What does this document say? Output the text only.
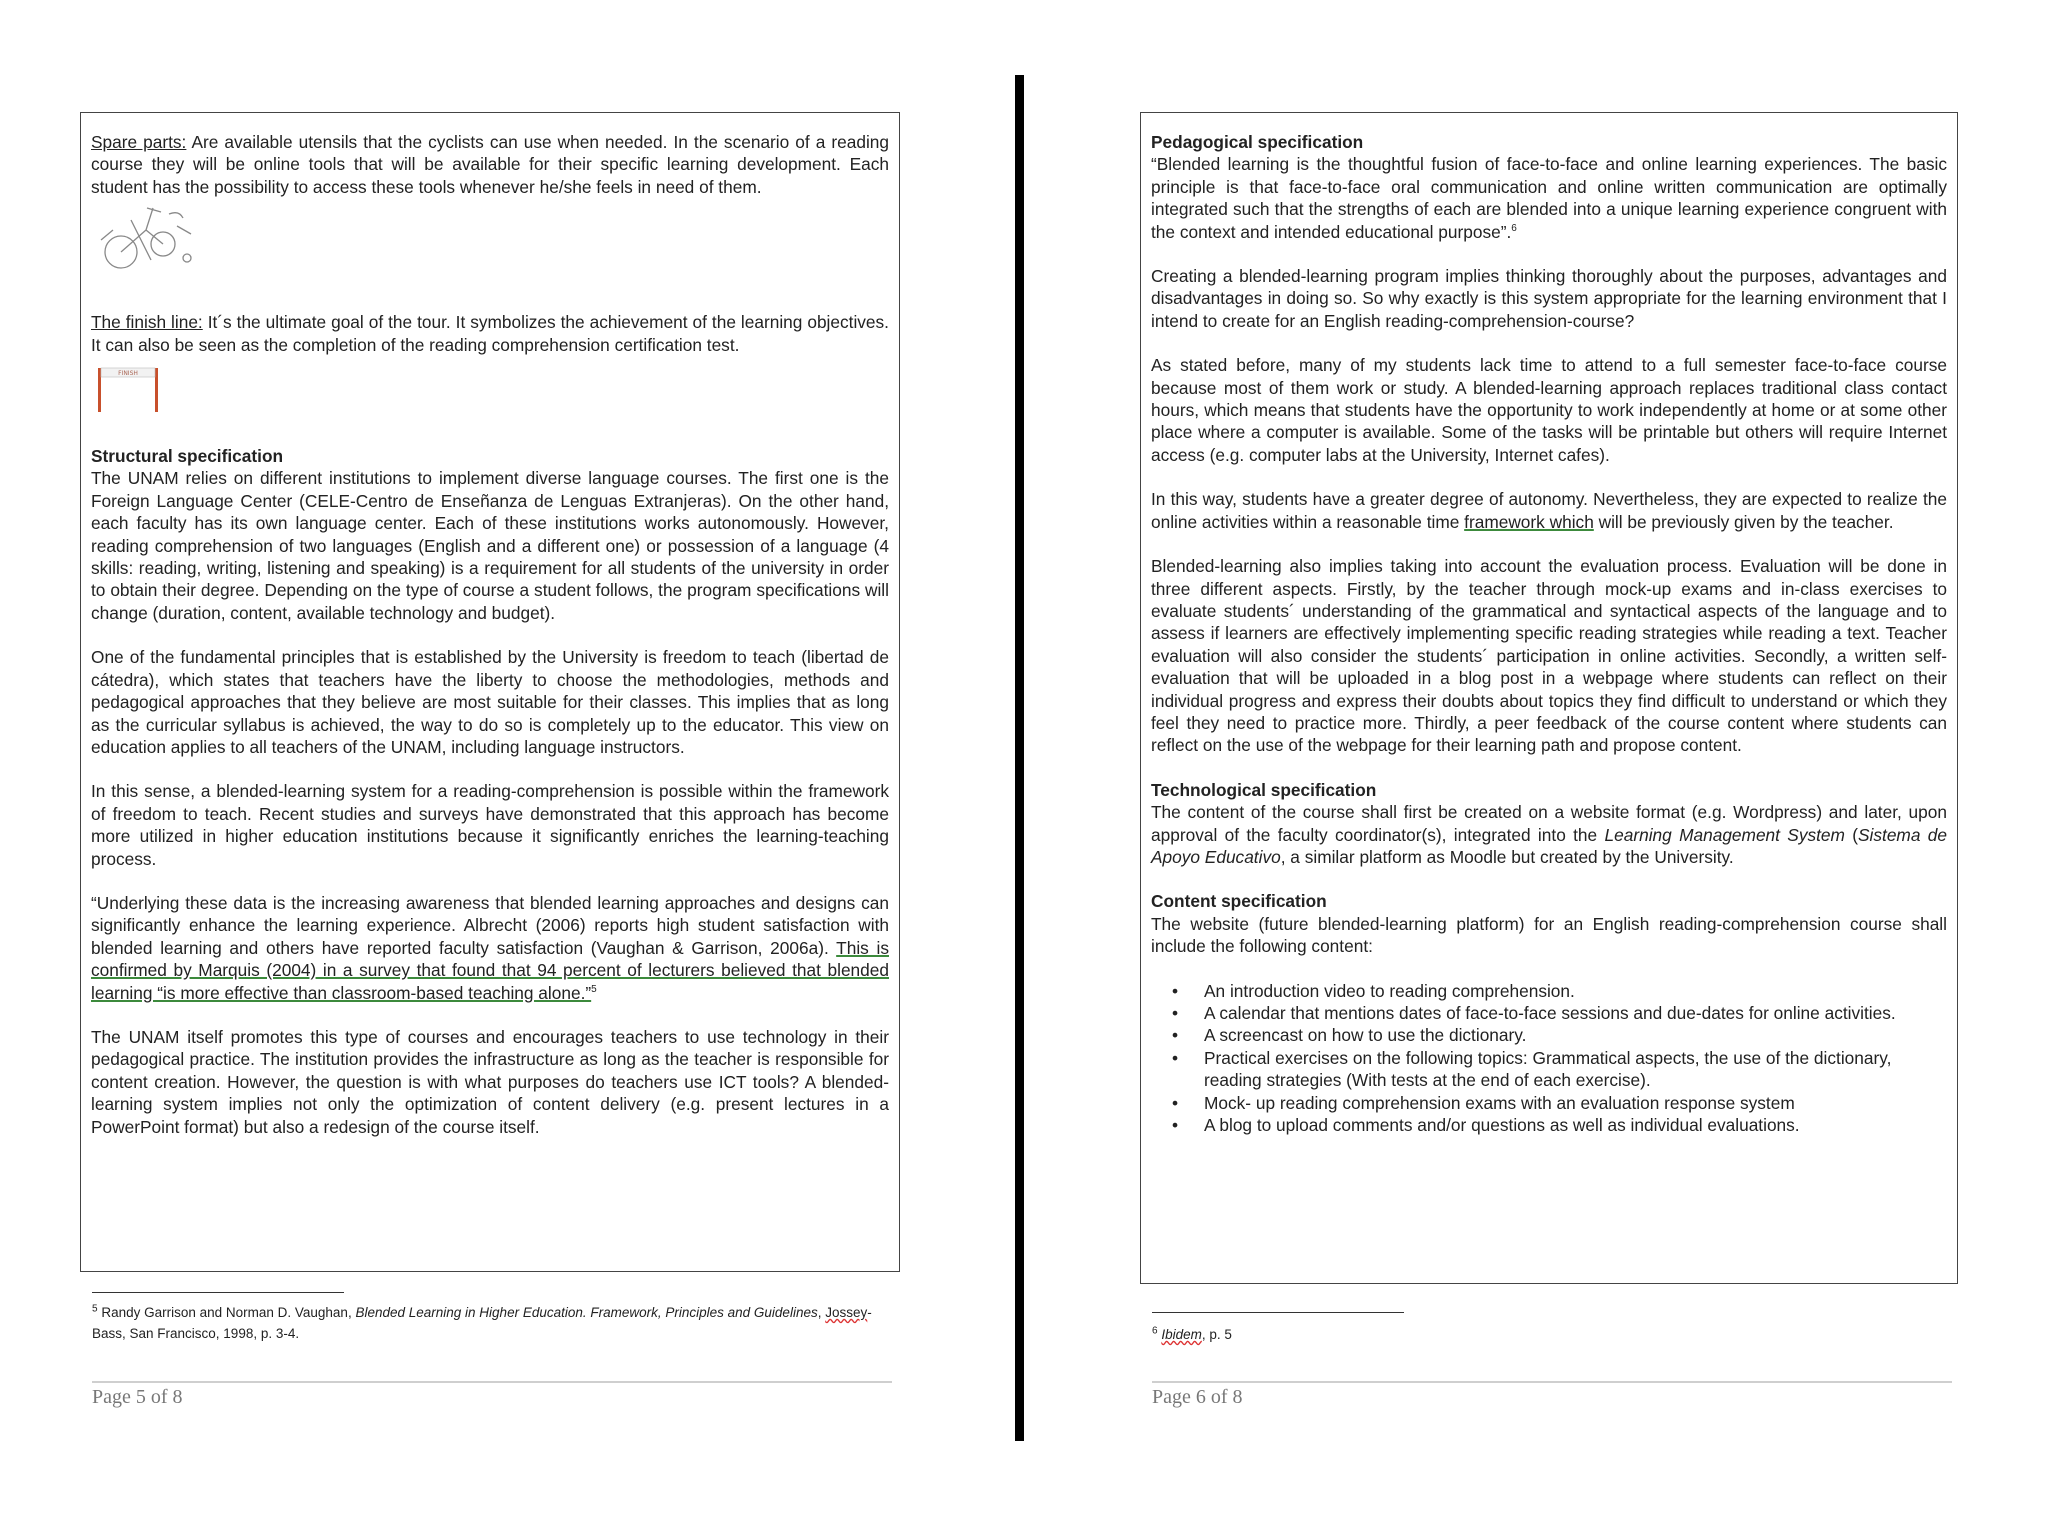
Spare parts: Are available utensils that the cyclists can use when needed. In the scenario of a reading course they will be online tools that will be available for their specific learning development. Each student has the possibility to access these tools whenever he/she feels in need of them.

The finish line: It´s the ultimate goal of the tour. It symbolizes the achievement of the learning objectives. It can also be seen as the completion of the reading comprehension certification test.

FINISH

Structural specification

The UNAM relies on different institutions to implement diverse language courses. The first one is the Foreign Language Center (CELE-Centro de Enseñanza de Lenguas Extranjeras). On the other hand, each faculty has its own language center. Each of these institutions works autonomously. However, reading comprehension of two languages (English and a different one) or possession of a language (4 skills: reading, writing, listening and speaking) is a requirement for all students of the university in order to obtain their degree. Depending on the type of course a student follows, the program specifications will change (duration, content, available technology and budget).

One of the fundamental principles that is established by the University is freedom to teach (libertad de cátedra), which states that teachers have the liberty to choose the methodologies, methods and pedagogical approaches that they believe are most suitable for their classes. This implies that as long as the curricular syllabus is achieved, the way to do so is completely up to the educator. This view on education applies to all teachers of the UNAM, including language instructors.

In this sense, a blended-learning system for a reading-comprehension is possible within the framework of freedom to teach. Recent studies and surveys have demonstrated that this approach has become more utilized in higher education institutions because it significantly enriches the learning-teaching process.

“Underlying these data is the increasing awareness that blended learning approaches and designs can significantly enhance the learning experience. Albrecht (2006) reports high student satisfaction with blended learning and others have reported faculty satisfaction (Vaughan & Garrison, 2006a). This is confirmed by Marquis (2004) in a survey that found that 94 percent of lecturers believed that blended learning “is more effective than classroom-based teaching alone.”$^5$

The UNAM itself promotes this type of courses and encourages teachers to use technology in their pedagogical practice. The institution provides the infrastructure as long as the teacher is responsible for content creation. However, the question is with what purposes do teachers use ICT tools? A blended-learning system implies not only the optimization of content delivery (e.g. present lectures in a PowerPoint format) but also a redesign of the course itself.

$^5$ Randy Garrison and Norman D. Vaughan, Blended Learning in Higher Education. Framework, Principles and Guidelines, Jossey-Bass, San Francisco, 1998, p. 3-4.
Page 5 of 8

Pedagogical specification

“Blended learning is the thoughtful fusion of face-to-face and online learning experiences. The basic principle is that face-to-face oral communication and online written communication are optimally integrated such that the strengths of each are blended into a unique learning experience congruent with the context and intended educational purpose”.$^6$

Creating a blended-learning program implies thinking thoroughly about the purposes, advantages and disadvantages in doing so. So why exactly is this system appropriate for the learning environment that I intend to create for an English reading-comprehension-course?

As stated before, many of my students lack time to attend to a full semester face-to-face course because most of them work or study. A blended-learning approach replaces traditional class contact hours, which means that students have the opportunity to work independently at home or at some other place where a computer is available. Some of the tasks will be printable but others will require Internet access (e.g. computer labs at the University, Internet cafes).

In this way, students have a greater degree of autonomy. Nevertheless, they are expected to realize the online activities within a reasonable time framework which will be previously given by the teacher.

Blended-learning also implies taking into account the evaluation process. Evaluation will be done in three different aspects. Firstly, by the teacher through mock-up exams and in-class exercises to evaluate students´ understanding of the grammatical and syntactical aspects of the language and to assess if learners are effectively implementing specific reading strategies while reading a text. Teacher evaluation will also consider the students´ participation in online activities. Secondly, a written self-evaluation that will be uploaded in a blog post in a webpage where students can reflect on their individual progress and express their doubts about topics they find difficult to understand or which they feel they need to practice more. Thirdly, a peer feedback of the course content where students can reflect on the use of the webpage for their learning path and propose content.

Technological specification

The content of the course shall first be created on a website format (e.g. Wordpress) and later, upon approval of the faculty coordinator(s), integrated into the Learning Management System (Sistema de Apoyo Educativo, a similar platform as Moodle but created by the University.

Content specification

The website (future blended-learning platform) for an English reading-comprehension course shall include the following content:

• An introduction video to reading comprehension.
• A calendar that mentions dates of face-to-face sessions and due-dates for online activities.
• A screencast on how to use the dictionary.
• Practical exercises on the following topics: Grammatical aspects, the use of the dictionary, reading strategies (With tests at the end of each exercise).
• Mock- up reading comprehension exams with an evaluation response system
• A blog to upload comments and/or questions as well as individual evaluations.
$^6$ Ibidem, p. 5
Page 6 of 8
